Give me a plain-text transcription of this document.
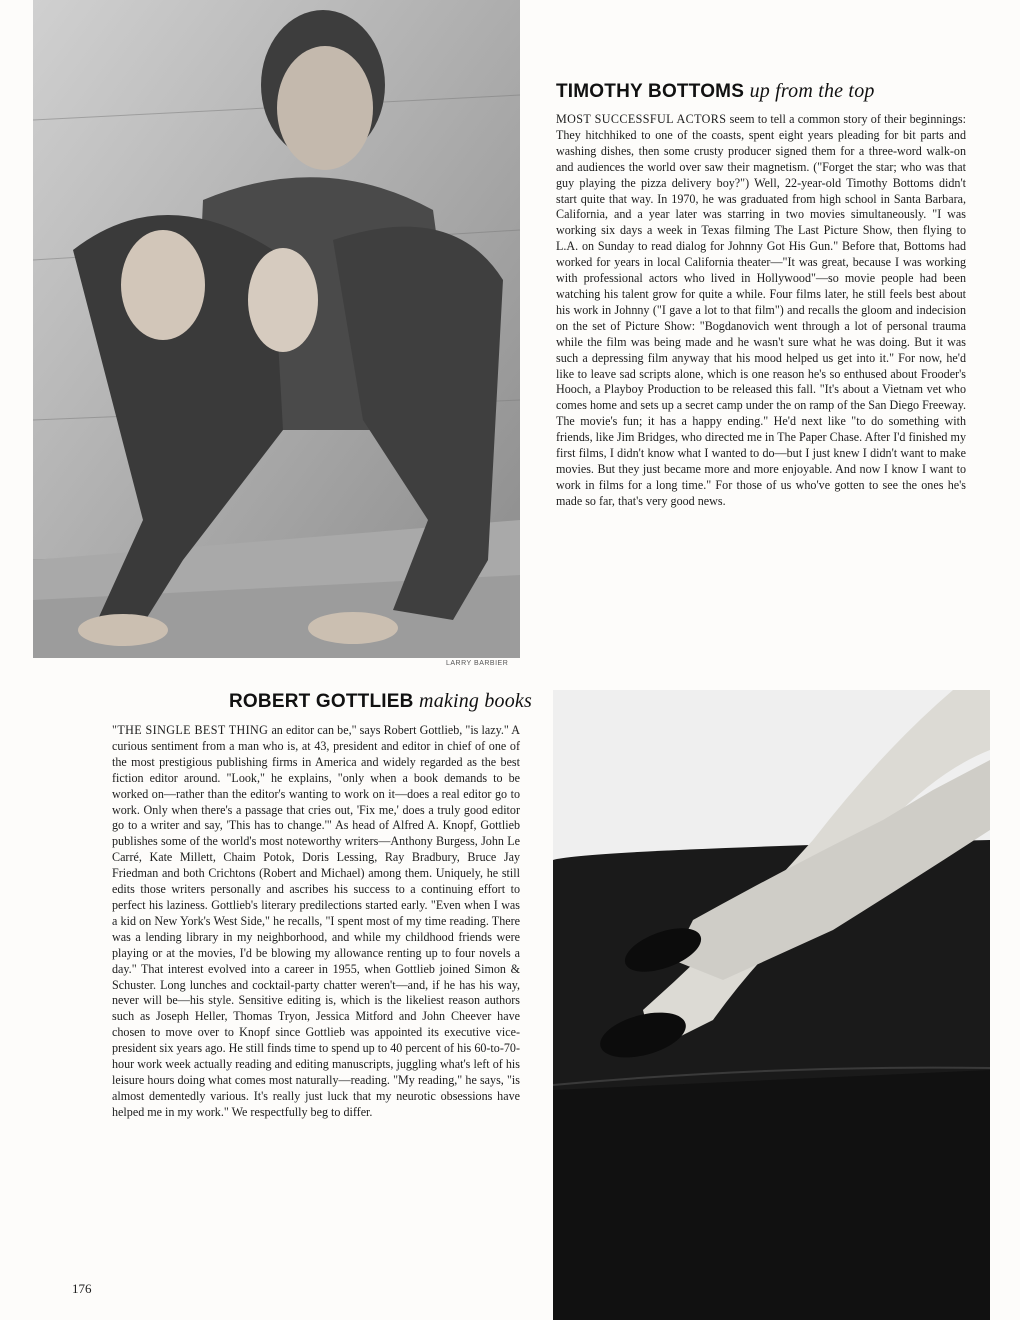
LARRY BARBIER
TIMOTHY BOTTOMS up from the top
MOST SUCCESSFUL ACTORS seem to tell a common story of their beginnings: They hitchhiked to one of the coasts, spent eight years pleading for bit parts and washing dishes, then some crusty producer signed them for a three-word walk-on and audiences the world over saw their magnetism. ("Forget the star; who was that guy playing the pizza delivery boy?") Well, 22-year-old Timothy Bottoms didn't start quite that way. In 1970, he was graduated from high school in Santa Barbara, California, and a year later was starring in two movies simultaneously. "I was working six days a week in Texas filming The Last Picture Show, then flying to L.A. on Sunday to read dialog for Johnny Got His Gun." Before that, Bottoms had worked for years in local California theater—"It was great, because I was working with professional actors who lived in Hollywood"—so movie people had been watching his talent grow for quite a while. Four films later, he still feels best about his work in Johnny ("I gave a lot to that film") and recalls the gloom and indecision on the set of Picture Show: "Bogdanovich went through a lot of personal trauma while the film was being made and he wasn't sure what he was doing. But it was such a depressing film anyway that his mood helped us get into it." For now, he'd like to leave sad scripts alone, which is one reason he's so enthused about Frooder's Hooch, a Playboy Production to be released this fall. "It's about a Vietnam vet who comes home and sets up a secret camp under the on ramp of the San Diego Freeway. The movie's fun; it has a happy ending." He'd next like "to do something with friends, like Jim Bridges, who directed me in The Paper Chase. After I'd finished my first films, I didn't know what I wanted to do—but I just knew I didn't want to make movies. But they just became more and more enjoyable. And now I know I want to work in films for a long time." For those of us who've gotten to see the ones he's made so far, that's very good news.
ROBERT GOTTLIEB making books
"THE SINGLE BEST THING an editor can be," says Robert Gottlieb, "is lazy." A curious sentiment from a man who is, at 43, president and editor in chief of one of the most prestigious publishing firms in America and widely regarded as the best fiction editor around. "Look," he explains, "only when a book demands to be worked on—rather than the editor's wanting to work on it—does a real editor go to work. Only when there's a passage that cries out, 'Fix me,' does a truly good editor go to a writer and say, 'This has to change.'" As head of Alfred A. Knopf, Gottlieb publishes some of the world's most noteworthy writers—Anthony Burgess, John Le Carré, Kate Millett, Chaim Potok, Doris Lessing, Ray Bradbury, Bruce Jay Friedman and both Crichtons (Robert and Michael) among them. Uniquely, he still edits those writers personally and ascribes his success to a continuing effort to perfect his laziness. Gottlieb's literary predilections started early. "Even when I was a kid on New York's West Side," he recalls, "I spent most of my time reading. There was a lending library in my neighborhood, and while my childhood friends were playing or at the movies, I'd be blowing my allowance renting up to four novels a day." That interest evolved into a career in 1955, when Gottlieb joined Simon & Schuster. Long lunches and cocktail-party chatter weren't—and, if he has his way, never will be—his style. Sensitive editing is, which is the likeliest reason authors such as Joseph Heller, Thomas Tryon, Jessica Mitford and John Cheever have chosen to move over to Knopf since Gottlieb was appointed its executive vice-president six years ago. He still finds time to spend up to 40 percent of his 60-to-70-hour work week actually reading and editing manuscripts, juggling what's left of his leisure hours doing what comes most naturally—reading. "My reading," he says, "is almost dementedly various. It's really just luck that my neurotic obsessions have helped me in my work." We respectfully beg to differ.
176
